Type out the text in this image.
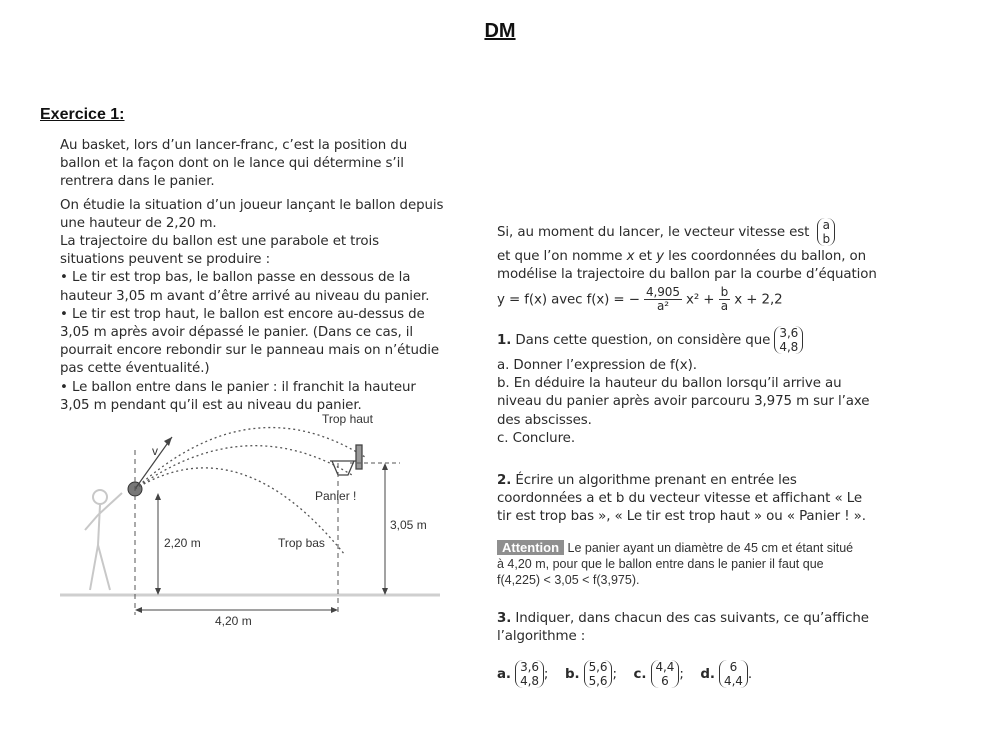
DM
Exercice 1:

Au basket, lors d’un lancer-franc, c’est la position du ballon et la façon dont on le lance qui détermine s’il rentrera dans le panier.

On étudie la situation d’un joueur lançant le ballon depuis une hauteur de 2,20 m.

La trajectoire du ballon est une parabole et trois situations peuvent se produire :

• Le tir est trop bas, le ballon passe en dessous de la hauteur 3,05 m avant d’être arrivé au niveau du panier.

• Le tir est trop haut, le ballon est encore au-dessus de 3,05 m après avoir dépassé le panier. (Dans ce cas, il pourrait encore rebondir sur le panneau mais on n’étudie pas cette éventualité.)

• Le ballon entre dans le panier : il franchit la hauteur 3,05 m pendant qu’il est au niveau du panier.

v
Trop haut
Panier !
Trop bas
2,20 m
3,05 m
4,20 m

Si, au moment du lancer, le vecteur vitesse est a
b

et que l’on nomme x et y les coordonnées du ballon, on modélise la trajectoire du ballon par la courbe d’équation

y = f(x) avec f(x) = − $\frac{4,905}{\text{a²}} x^2 + \frac{b}{a}$ x + 2,2

1. Dans cette question, on considère que 3,6
4,8

a. Donner l’expression de f(x).

b. En déduire la hauteur du ballon lorsqu’il arrive au niveau du panier après avoir parcouru 3,975 m sur l’axe des abscisses.

c. Conclure.

2. Écrire un algorithme prenant en entrée les coordonnées a et b du vecteur vitesse et affichant « Le tir est trop bas », « Le tir est trop haut » ou « Panier ! ».

Attention Le panier ayant un diamètre de 45 cm et étant situé à 4,20 m, pour que le ballon entre dans le panier il faut que f(4,225) < 3,05 < f(3,975).

3. Indiquer, dans chacun des cas suivants, ce qu’affiche l’algorithme :

a. 3,6
4,8 ; b. 5,6
5,6 ; c. 4,4
6 ; d.	6
4,4 .
